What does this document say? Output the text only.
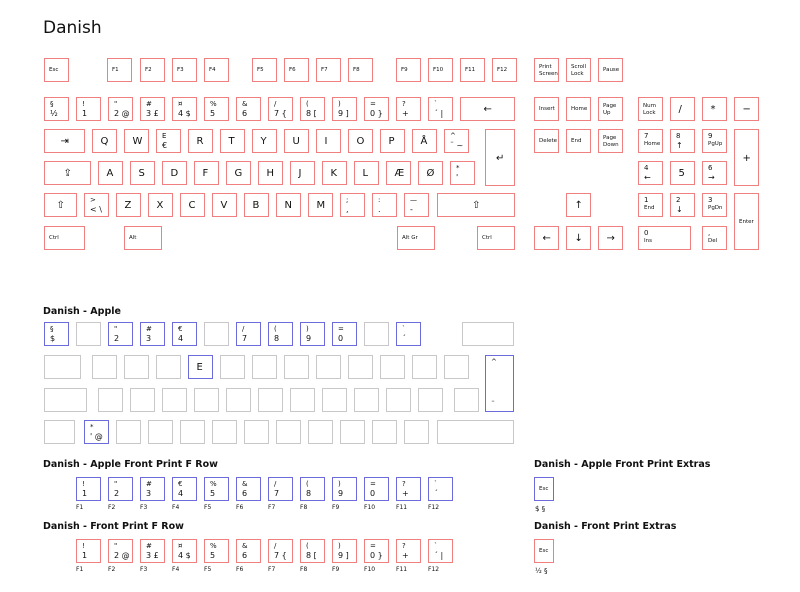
Danish
Danish - Apple
Danish - Apple Front Print F Row
Danish - Front Print F Row
Danish - Apple Front Print Extras
Danish - Front Print Extras
Esc	F1	F2	F3	F4	F5	F6	F7	F8	F9	F10	F11	F12	Print
Screen
Scroll
Lock
Pause
§
½
!
1
"
2 @
#
3 £
¤
4 $
%
5
&
6
/
7 {
(
8 [
)
9 ]
=
0 }
?
+
`
´ |	←	Insert	Home	Page
Up
Num
Lock /	*	−
⇥	Q W	E
€	R	T	Y	U I	O P	Å	^
¨ ~
↵
Delete	End	Page
Down
7
Home
8
↑
9
PgUp
+
⇪	A	S	D F	G H J	K	L	Æ Ø	*
'
4
←	5	6
→
⇧	>
< \ Z	X	C	V	B	N M	;
,
:
.
—
-	⇧	↑	1
End
2
↓
3
PgDn
Enter
Ctrl	Alt	Alt Gr	Ctrl	← ↓ →	0
Ins
,
Del
§
$
"
2
#
3
€
4
/
7
(
8
)
9
=
0
`
´
E	^
¨
*
' @
!
1
F1
"
2
F2
#
3
F3
€
4
F4
%
5
F5
&
6
F6
/
7
F7
(
8
F8
)
9
F9
=
0
F10
?
+
F11
`
´
F12
!
1
F1
"
2 @
F2
#
3 £
F3
¤
4 $
F4
%
5
F5
&
6
F6
/
7 {
F7
(
8 [
F8
)
9 ]
F9
=
0 }
F10
?
+
F11
`
´ |
F12
Esc
$ §
Esc
½ §
